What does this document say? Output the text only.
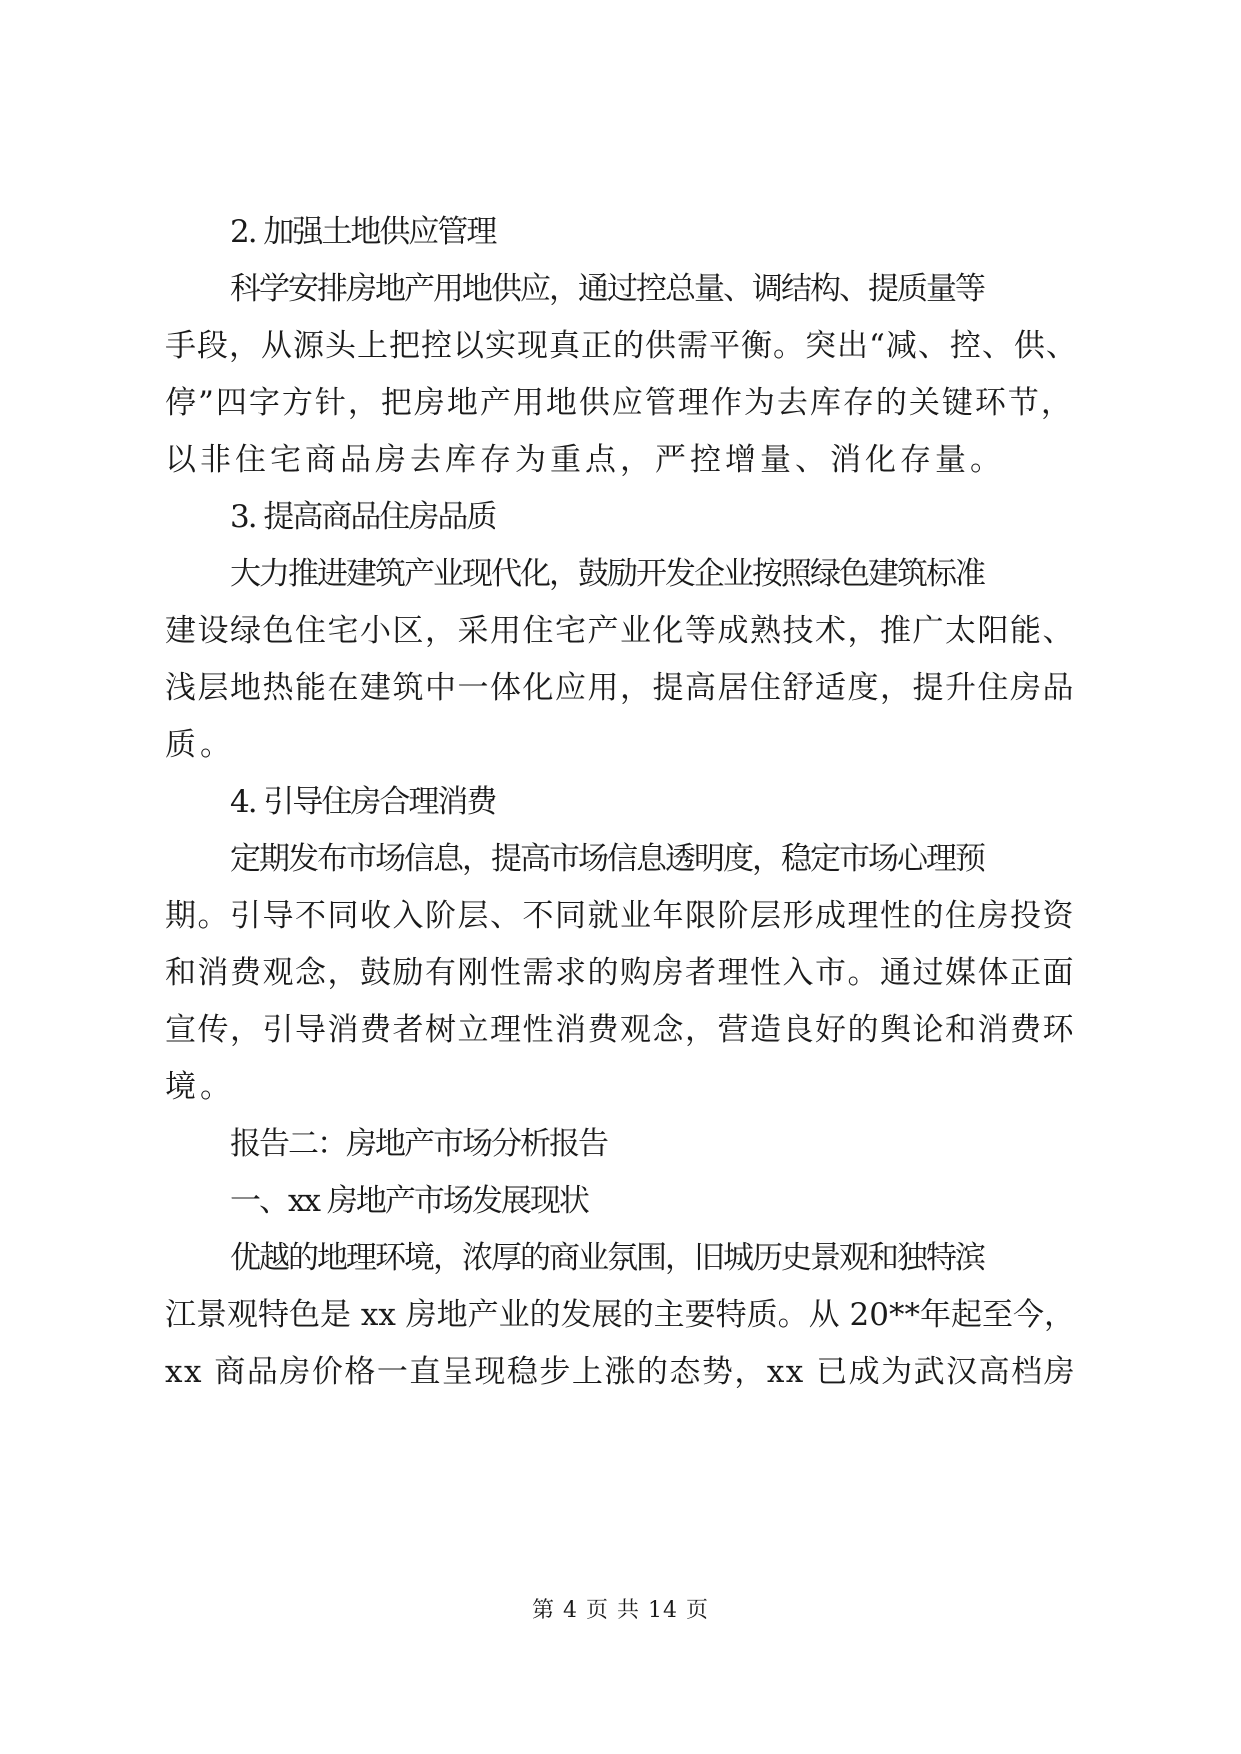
2. 加强土地供应管理
科学安排房地产用地供应，通过控总量、调结构、提质量等
手段，从源头上把控以实现真正的供需平衡。突出“减、控、供、
停”四字方针，把房地产用地供应管理作为去库存的关键环节，
以非住宅商品房去库存为重点，严控增量、消化存量。
3. 提高商品住房品质
大力推进建筑产业现代化，鼓励开发企业按照绿色建筑标准
建设绿色住宅小区，采用住宅产业化等成熟技术，推广太阳能、
浅层地热能在建筑中一体化应用，提高居住舒适度，提升住房品
质。
4. 引导住房合理消费
定期发布市场信息，提高市场信息透明度，稳定市场心理预
期。引导不同收入阶层、不同就业年限阶层形成理性的住房投资
和消费观念，鼓励有刚性需求的购房者理性入市。通过媒体正面
宣传，引导消费者树立理性消费观念，营造良好的舆论和消费环
境。
报告二：房地产市场分析报告
一、xx 房地产市场发展现状
优越的地理环境，浓厚的商业氛围，旧城历史景观和独特滨
江景观特色是 xx 房地产业的发展的主要特质。从 20**年起至今，
xx 商品房价格一直呈现稳步上涨的态势，xx 已成为武汉高档房
第 4 页 共 14 页
